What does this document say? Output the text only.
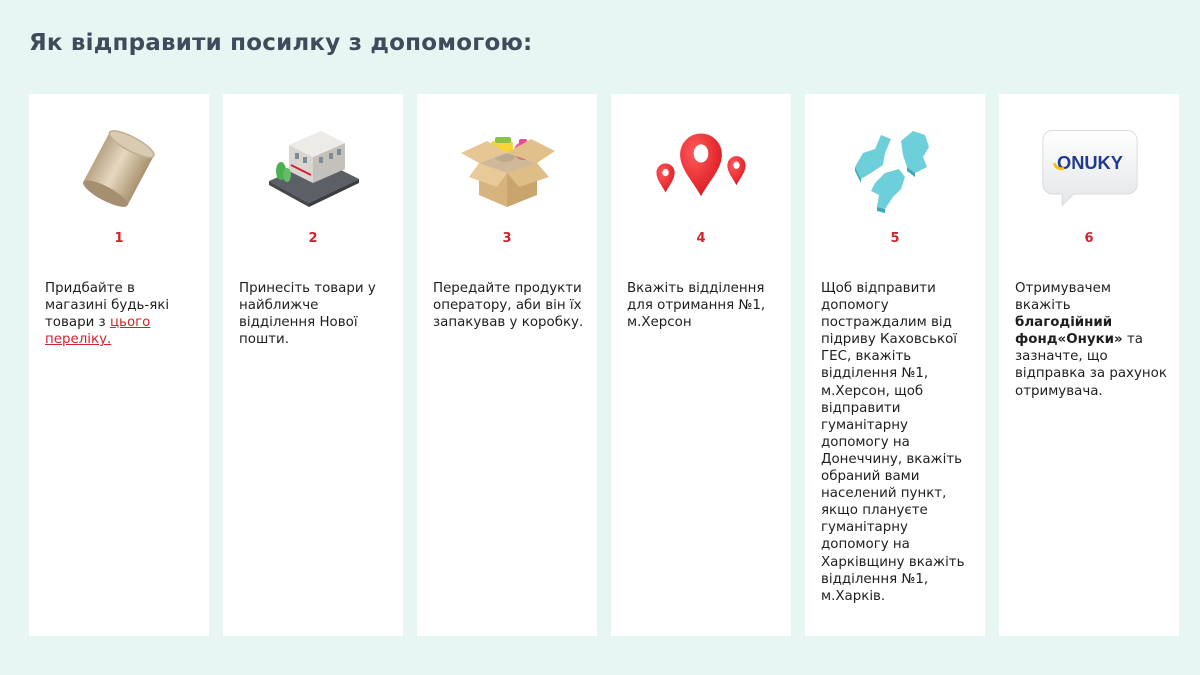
Як відправити посилку з допомогою:
1
Придбайте в магазині будь-які товари з цього переліку.
2
Принесіть товари у найближче відділення Нової пошти.
3
Передайте продукти оператору, аби він їх запакував у коробку.
4
Вкажіть відділення для отримання №1, м.Херсон
5
Щоб відправити допомогу постраждалим від підриву Каховської ГЕС, вкажіть відділення №1, м.Херсон, щоб відправити гуманітарну допомогу на Донеччину, вкажіть обраний вами населений пункт, якщо плануєте гуманітарну допомогу на Харківщину вкажіть відділення №1, м.Харків.
ONUKY
6
Отримувачем вкажіть благодійний фонд«Онуки» та зазначте, що відправка за рахунок отримувача.
